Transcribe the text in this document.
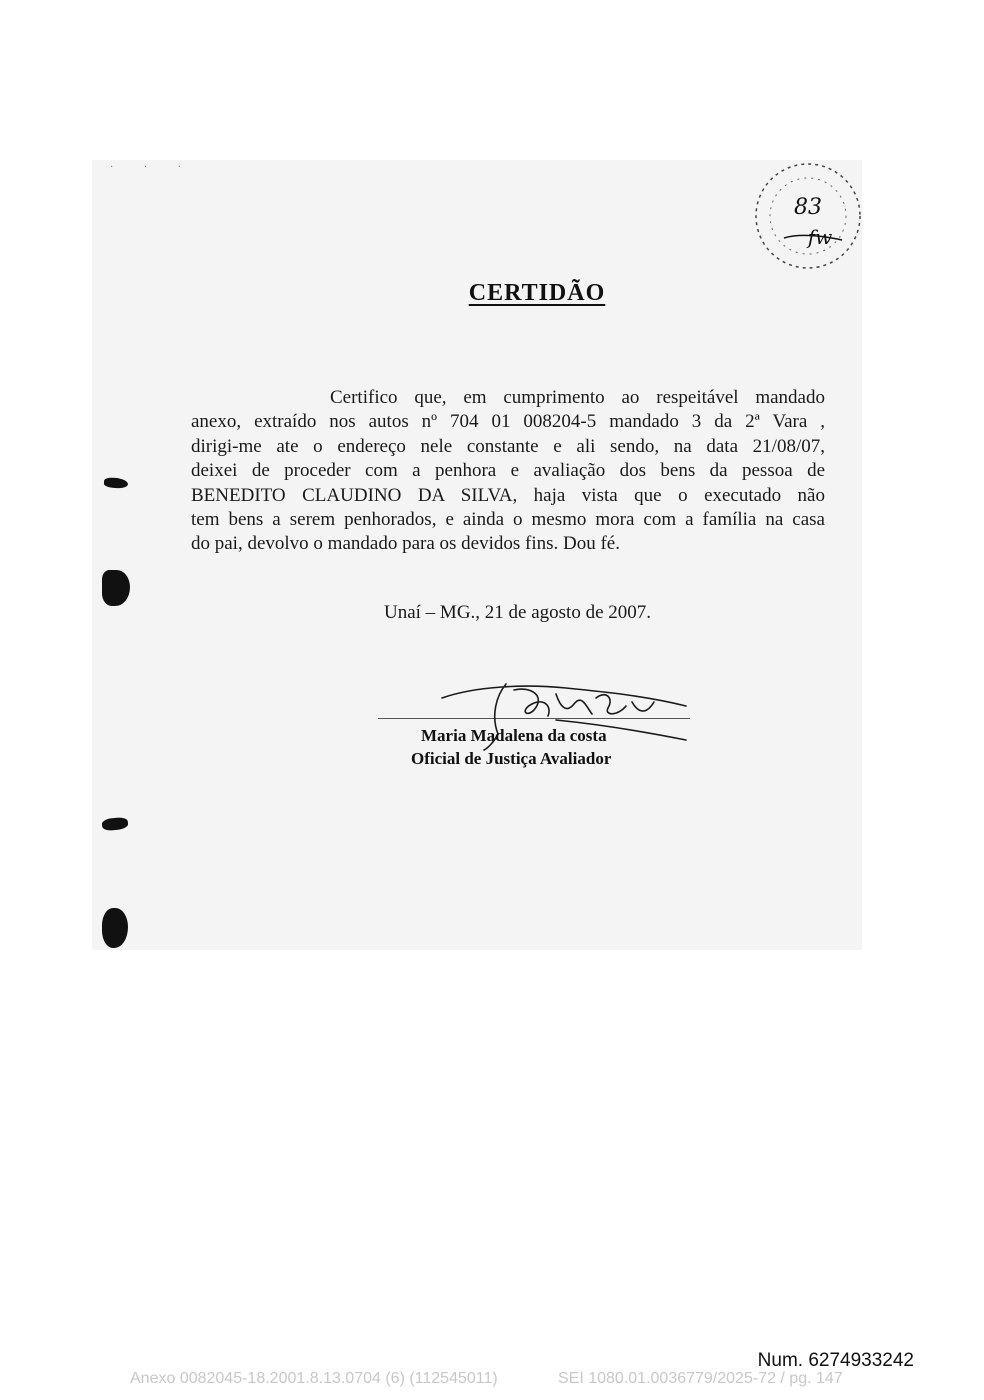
· · ·
83
fw
CERTIDÃO
Certifico que, em cumprimento ao respeitável mandado
anexo, extraído nos autos nº 704 01 008204-5 mandado 3 da 2ª Vara ,
dirigi-me ate o endereço nele constante e ali sendo, na data 21/08/07,
deixei de proceder com a penhora e avaliação dos bens da pessoa de
BENEDITO CLAUDINO DA SILVA, haja vista que o executado não
tem bens a serem penhorados, e ainda o mesmo mora com a família na casa
do pai, devolvo o mandado para os devidos fins. Dou fé.
Unaí – MG., 21 de agosto de 2007.
Maria Madalena da costa
Oficial de Justiça Avaliador
Num. 6274933242
Anexo 0082045-18.2001.8.13.0704 (6) (112545011)	SEI 1080.01.0036779/2025-72 / pg. 147
